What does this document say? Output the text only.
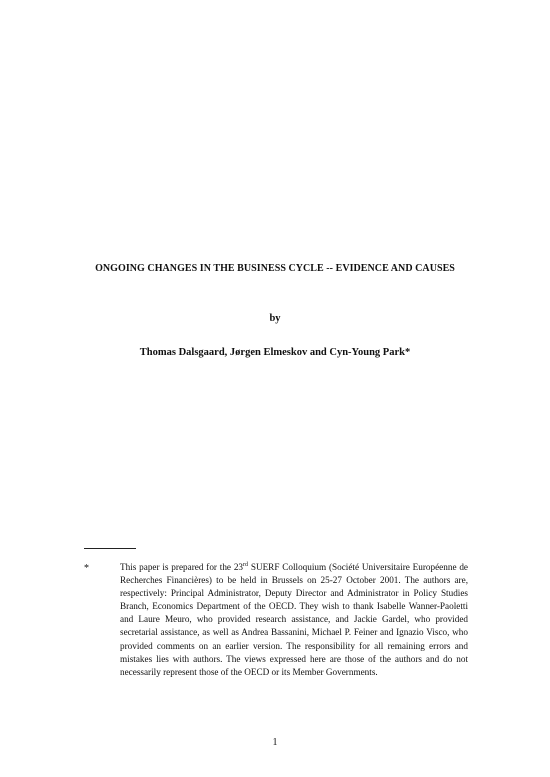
ONGOING CHANGES IN THE BUSINESS CYCLE -- EVIDENCE AND CAUSES
by
Thomas Dalsgaard, Jørgen Elmeskov and Cyn-Young Park*
*	This paper is prepared for the 23rd SUERF Colloquium (Société Universitaire Européenne de Recherches Financières) to be held in Brussels on 25-27 October 2001. The authors are, respectively: Principal Administrator, Deputy Director and Administrator in Policy Studies Branch, Economics Department of the OECD. They wish to thank Isabelle Wanner-Paoletti and Laure Meuro, who provided research assistance, and Jackie Gardel, who provided secretarial assistance, as well as Andrea Bassanini, Michael P. Feiner and Ignazio Visco, who provided comments on an earlier version. The responsibility for all remaining errors and mistakes lies with authors. The views expressed here are those of the authors and do not necessarily represent those of the OECD or its Member Governments.
1
